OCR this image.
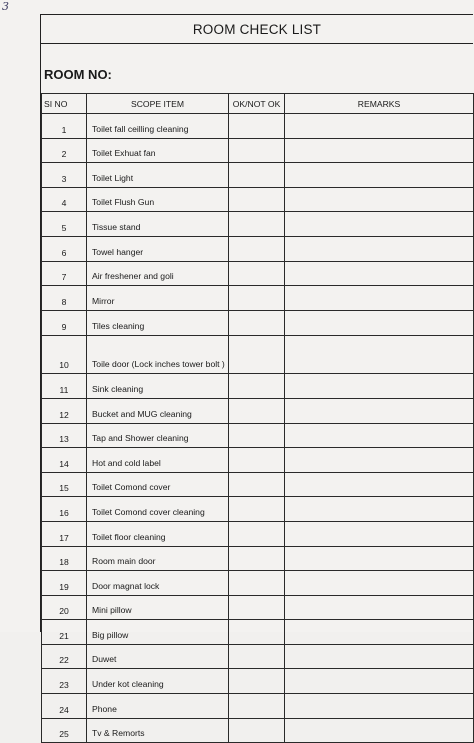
3
ROOM CHECK LIST
ROOM NO:
SI NO	SCOPE ITEM	OK/NOT OK	REMARKS
1	Toilet fall ceilling cleaning		
2	Toilet Exhuat fan		
3	Toilet Light		
4	Toilet Flush Gun		
5	Tissue stand		
6	Towel hanger		
7	Air freshener and goli		
8	Mirror		
9	Tiles cleaning		
10	Toile door (Lock inches tower bolt )		
11	Sink cleaning		
12	Bucket and MUG cleaning		
13	Tap and Shower cleaning		
14	Hot and cold label		
15	Toilet Comond cover		
16	Toilet Comond cover cleaning		
17	Toilet floor cleaning		
18	Room main door		
19	Door magnat lock		
20	Mini pillow		
21	Big pillow		
22	Duwet		
23	Under kot cleaning		
24	Phone		
25	Tv & Remorts		
